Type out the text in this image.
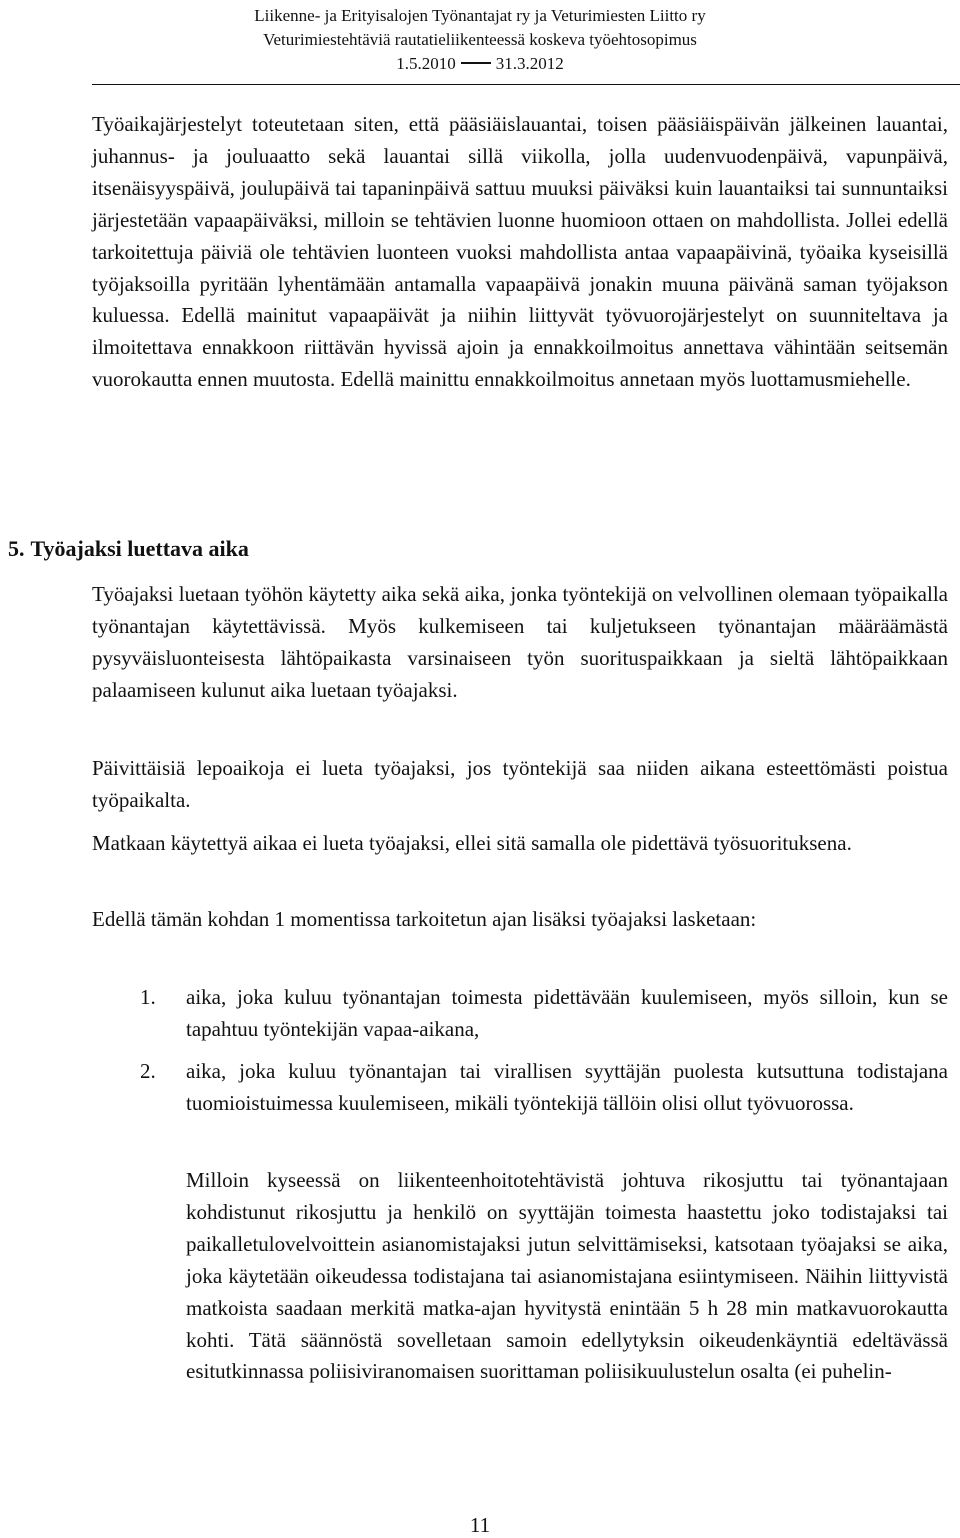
Liikenne- ja Erityisalojen Työnantajat ry ja Veturimiesten Liitto ry
Veturimiestehtäviä rautatieliikenteessä koskeva työehtosopimus
1.5.2010 31.3.2012

Työaikajärjestelyt toteutetaan siten, että pääsiäislauantai, toisen pääsiäispäivän jälkeinen lauantai, juhannus- ja jouluaatto sekä lauantai sillä viikolla, jolla uudenvuodenpäivä, vapunpäivä, itsenäisyyspäivä, joulupäivä tai tapaninpäivä sattuu muuksi päiväksi kuin lauantaiksi tai sunnuntaiksi järjestetään vapaapäiväksi, milloin se tehtävien luonne huomioon ottaen on mahdollista. Jollei edellä tarkoitettuja päiviä ole tehtävien luonteen vuoksi mahdollista antaa vapaapäivinä, työaika kyseisillä työjaksoilla pyritään lyhentämään antamalla vapaapäivä jonakin muuna päivänä saman työjakson kuluessa. Edellä mainitut vapaapäivät ja niihin liittyvät työvuorojärjestelyt on suunniteltava ja ilmoitettava ennakkoon riittävän hyvissä ajoin ja ennakkoilmoitus annettava vähintään seitsemän vuorokautta ennen muutosta. Edellä mainittu ennakkoilmoitus annetaan myös luottamusmiehelle.

5. Työajaksi luettava aika

Työajaksi luetaan työhön käytetty aika sekä aika, jonka työntekijä on velvollinen olemaan työpaikalla työnantajan käytettävissä. Myös kulkemiseen tai kuljetukseen työnantajan määräämästä pysyväisluonteisesta lähtöpaikasta varsinaiseen työn suorituspaikkaan ja sieltä lähtöpaikkaan palaamiseen kulunut aika luetaan työajaksi.

Päivittäisiä lepoaikoja ei lueta työajaksi, jos työntekijä saa niiden aikana esteettömästi poistua työpaikalta.

Matkaan käytettyä aikaa ei lueta työajaksi, ellei sitä samalla ole pidettävä työsuorituksena.

Edellä tämän kohdan 1 momentissa tarkoitetun ajan lisäksi työajaksi lasketaan:

1. aika, joka kuluu työnantajan toimesta pidettävään kuulemiseen, myös silloin, kun se tapahtuu työntekijän vapaa-aikana,

2. aika, joka kuluu työnantajan tai virallisen syyttäjän puolesta kutsuttuna todistajana tuomioistuimessa kuulemiseen, mikäli työntekijä tällöin olisi ollut työvuorossa.

Milloin kyseessä on liikenteenhoitotehtävistä johtuva rikosjuttu tai työnantajaan kohdistunut rikosjuttu ja henkilö on syyttäjän toimesta haastettu joko todistajaksi tai paikalletulovelvoittein asianomistajaksi jutun selvittämiseksi, katsotaan työajaksi se aika, joka käytetään oikeudessa todistajana tai asianomistajana esiintymiseen. Näihin liittyvistä matkoista saadaan merkitä matka-ajan hyvitystä enintään 5 h 28 min matkavuorokautta kohti. Tätä säännöstä sovelletaan samoin edellytyksin oikeudenkäyntiä edeltävässä esitutkinnassa poliisiviranomaisen suorittaman poliisikuulustelun osalta (ei puhelin-

11
